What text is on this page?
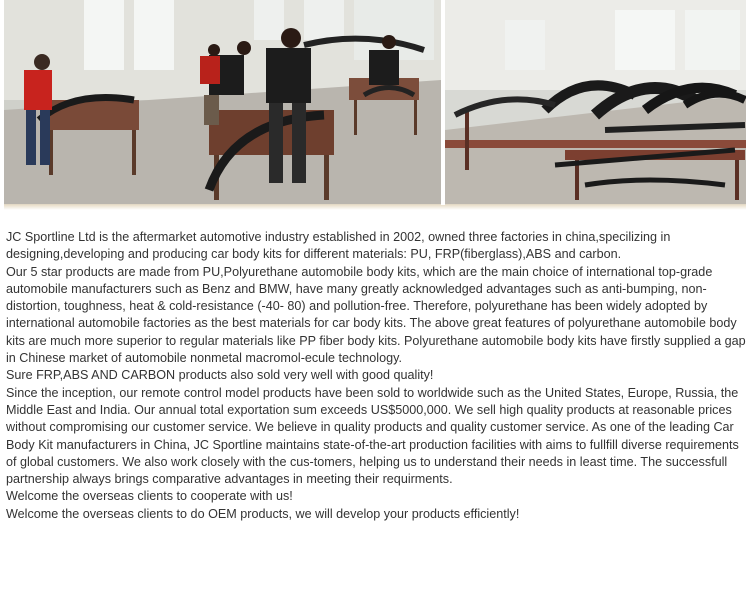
JC Sportline Ltd is the aftermarket automotive industry established in 2002, owned three factories in china,specilizing in designing,developing and producing car body kits for different materials: PU, FRP(fiberglass),ABS and carbon.

Our 5 star products are made from PU,Polyurethane automobile body kits, which are the main choice of international top-grade automobile manufacturers such as Benz and BMW, have many greatly acknowledged advantages such as anti-bumping, non-distortion, toughness, heat & cold-resistance (-40- 80) and pollution-free. Therefore, polyurethane has been widely adopted by international automobile factories as the best materials for car body kits. The above great features of polyurethane automobile body kits are much more superior to regular materials like PP fiber body kits. Polyurethane automobile body kits have firstly supplied a gap in Chinese market of automobile nonmetal macromol-ecule technology.

Sure FRP,ABS AND CARBON products also sold very well with good quality!

Since the inception, our remote control model products have been sold to worldwide such as the United States, Europe, Russia, the Middle East and India. Our annual total exportation sum exceeds US$5000,000. We sell high quality products at reasonable prices without compromising our customer service. We believe in quality products and quality customer service. As one of the leading Car Body Kit manufacturers in China, JC Sportline maintains state-of-the-art production facilities with aims to fullfill diverse requirements of global customers. We also work closely with the cus-tomers, helping us to understand their needs in least time. The successfull partnership always brings comparative advantages in meeting their requirments.

Welcome the overseas clients to cooperate with us!

Welcome the overseas clients to do OEM products, we will develop your products efficiently!
